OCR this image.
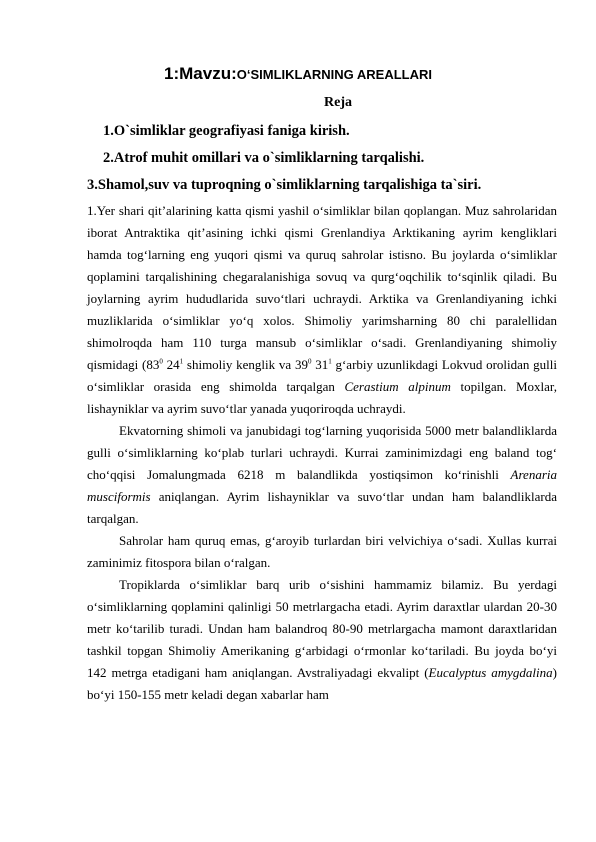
1:Mavzu:O‘SIMLIKLARNING AREALLARI
Reja
1.O`simliklar geografiyasi faniga kirish.
2.Atrof muhit omillari va o`simliklarning tarqalishi.
3.Shamol,suv va tuproqning o`simliklarning tarqalishiga ta`siri.

1.Yer shari qit’alarining katta qismi yashil o‘simliklar bilan qoplangan. Muz sahrolaridan iborat Antraktika qit’asining ichki qismi Grenlandiya Arktikaning ayrim kengliklari hamda tog‘larning eng yuqori qismi va quruq sahrolar istisno. Bu joylarda o‘simliklar qoplamini tarqalishining chegaralanishiga sovuq va qurg‘oqchilik to‘sqinlik qiladi. Bu joylarning ayrim hududlarida suvo‘tlari uchraydi. Arktika va Grenlandiyaning ichki muzliklarida o‘simliklar yo‘q xolos. Shimoliy yarimsharning 80 chi paralellidan shimolroqda ham 110 turga mansub o‘simliklar o‘sadi. Grenlandiyaning shimoliy qismidagi ($83^0$ $24^1$ shimoliy kenglik va $39^0$ $31^1$ g‘arbiy uzunlikdagi Lokvud orolidan gulli o‘simliklar orasida eng shimolda tarqalgan Cerastium alpinum topilgan. Moxlar, lishayniklar va ayrim suvo‘tlar yanada yuqoriroqda uchraydi.

Ekvatorning shimoli va janubidagi tog‘larning yuqorisida 5000 metr balandliklarda gulli o‘simliklarning ko‘plab turlari uchraydi. Kurrai zaminimizdagi eng baland tog‘ cho‘qqisi Jomalungmada 6218 m balandlikda yostiqsimon ko‘rinishli Arenaria musciformis aniqlangan. Ayrim lishayniklar va suvo‘tlar undan ham balandliklarda tarqalgan.

Sahrolar ham quruq emas, g‘aroyib turlardan biri velvichiya o‘sadi. Xullas kurrai zaminimiz fitospora bilan o‘ralgan.

Tropiklarda o‘simliklar barq urib o‘sishini hammamiz bilamiz. Bu yerdagi o‘simliklarning qoplamini qalinligi 50 metrlargacha etadi. Ayrim daraxtlar ulardan 20-30 metr ko‘tarilib turadi. Undan ham balandroq 80-90 metrlargacha mamont daraxtlaridan tashkil topgan Shimoliy Amerikaning g‘arbidagi o‘rmonlar ko‘tariladi. Bu joyda bo‘yi 142 metrga etadigani ham aniqlangan. Avstraliyadagi ekvalipt (Eucalyptus amygdalina) bo‘yi 150-155 metr keladi degan xabarlar ham
